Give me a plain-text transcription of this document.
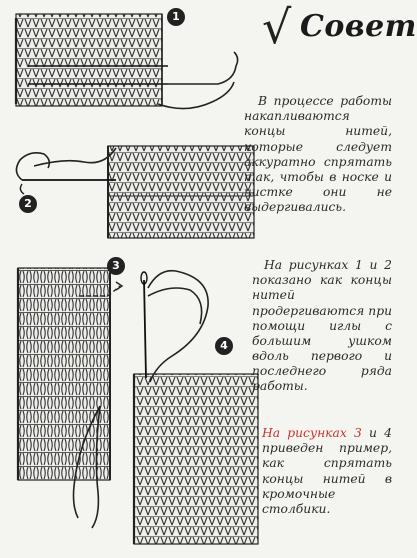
√ Совет
1
2
3
4

В процессе работы накапливаются концы нитей, которые следует аккуратно спрятать так, чтобы в носке и чистке они не выдергивались.

На рисунках 1 и 2 показано как концы нитей продергиваются при помощи иглы с большим ушком вдоль первого и последнего ряда работы.

На рисунках 3 и 4 приведен пример, как спрятать концы нитей в кромочные столбики.
